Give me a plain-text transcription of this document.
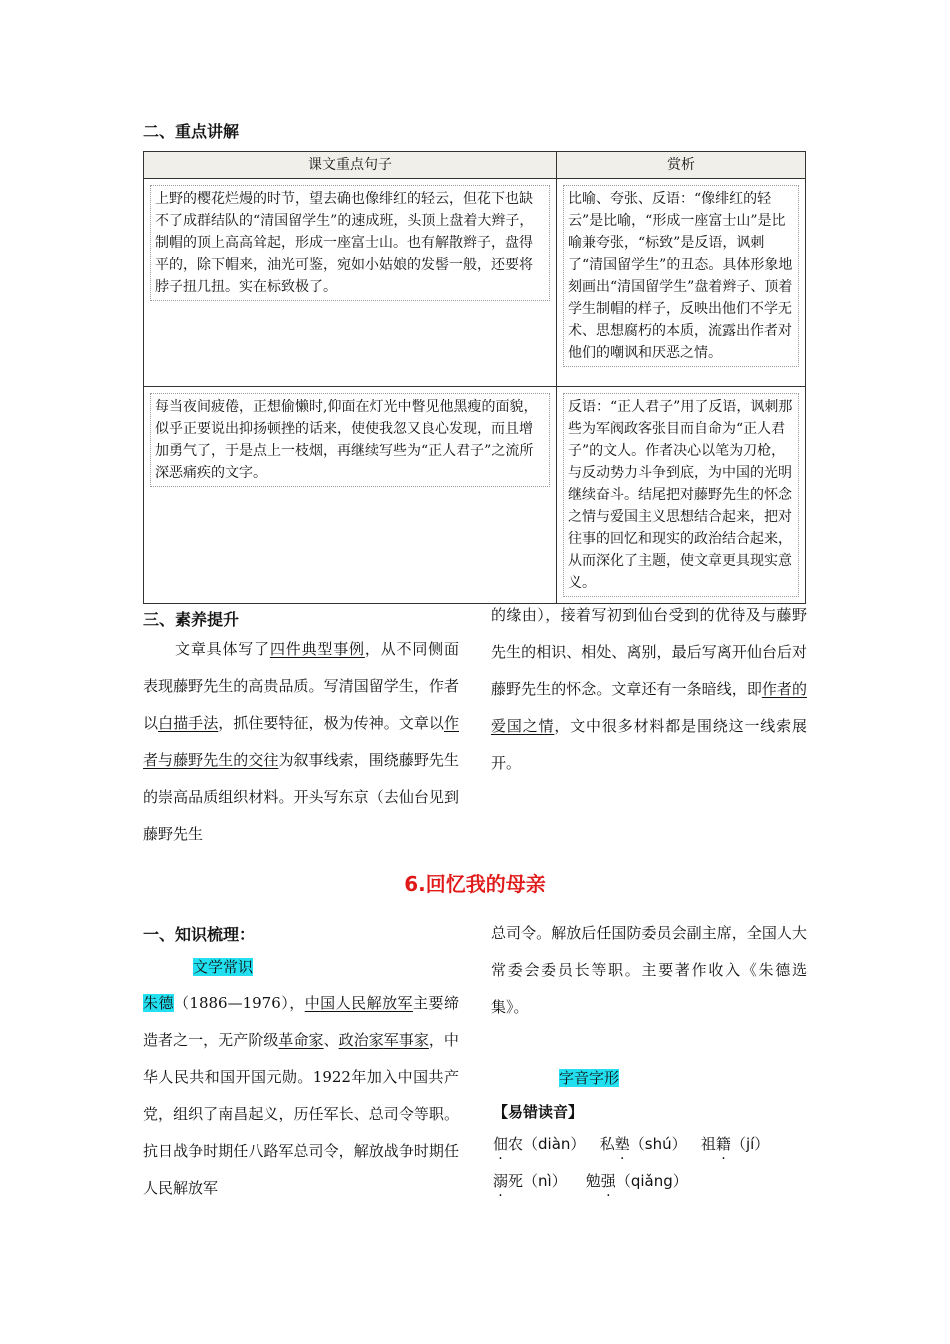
二、重点讲解
课文重点句子	赏析

上野的樱花烂熳的时节，望去确也像绯红的轻云，但花下也缺不了成群结队的“清国留学生”的速成班，头顶上盘着大辫子，制帽的顶上高高耸起，形成一座富士山。也有解散辫子，盘得平的，除下帽来，油光可鉴，宛如小姑娘的发髻一般，还要将脖子扭几扭。实在标致极了。	比喻、夸张、反语：“像绯红的轻云”是比喻，“形成一座富士山”是比喻兼夸张，“标致”是反语，讽刺了“清国留学生”的丑态。具体形象地刻画出“清国留学生”盘着辫子、顶着学生制帽的样子，反映出他们不学无术、思想腐朽的本质，流露出作者对他们的嘲讽和厌恶之情。

每当夜间疲倦，正想偷懒时,仰面在灯光中瞥见他黑瘦的面貌，似乎正要说出抑扬顿挫的话来，使使我忽又良心发现，而且增加勇气了，于是点上一枝烟，再继续写些为“正人君子”之流所深恶痛疾的文字。	反语：“正人君子”用了反语，讽刺那些为军阀政客张目而自命为“正人君子”的文人。作者决心以笔为刀枪，与反动势力斗争到底，为中国的光明继续奋斗。结尾把对藤野先生的怀念之情与爱国主义思想结合起来，把对往事的回忆和现实的政治结合起来，从而深化了主题，使文章更具现实意义。
三、素养提升
文章具体写了四件典型事例，从不同侧面表现藤野先生的高贵品质。写清国留学生，作者以白描手法，抓住要特征，极为传神。文章以作者与藤野先生的交往为叙事线索，围绕藤野先生的崇高品质组织材料。开头写东京（去仙台见到藤野先生
的缘由），接着写初到仙台受到的优待及与藤野先生的相识、相处、离别，最后写离开仙台后对藤野先生的怀念。文章还有一条暗线，即作者的爱国之情，文中很多材料都是围绕这一线索展开。
6.回忆我的母亲
一、知识梳理：
文学常识
朱德（1886—1976），中国人民解放军主要缔造者之一，无产阶级革命家、政治家军事家，中华人民共和国开国元勋。1922年加入中国共产党，组织了南昌起义，历任军长、总司令等职。抗日战争时期任八路军总司令，解放战争时期任人民解放军
总司令。解放后任国防委员会副主席，全国人大常委会委员长等职。主要著作收入《朱德选集》。
字音字形
【易错读音】
佃农（diàn） 私塾（shú） 祖籍（jí）
溺死（nì） 勉强（qiǎng）
